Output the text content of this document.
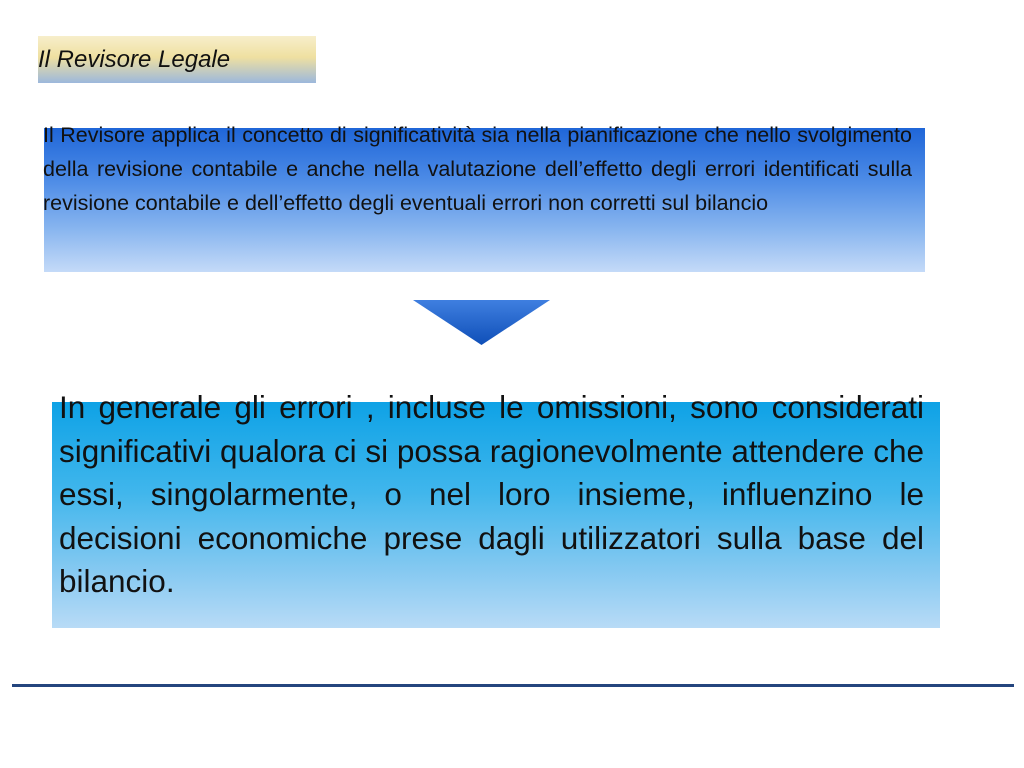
Il Revisore Legale
Il Revisore applica il concetto di significatività sia nella pianificazione che nello svolgimento della revisione contabile e anche nella valutazione dell’effetto degli errori identificati sulla revisione contabile e dell’effetto degli eventuali errori non corretti sul bilancio
In generale gli errori , incluse le omissioni, sono considerati significativi qualora ci si possa ragionevolmente attendere che essi, singolarmente, o nel loro insieme, influenzino le decisioni economiche prese dagli utilizzatori sulla base del bilancio.
